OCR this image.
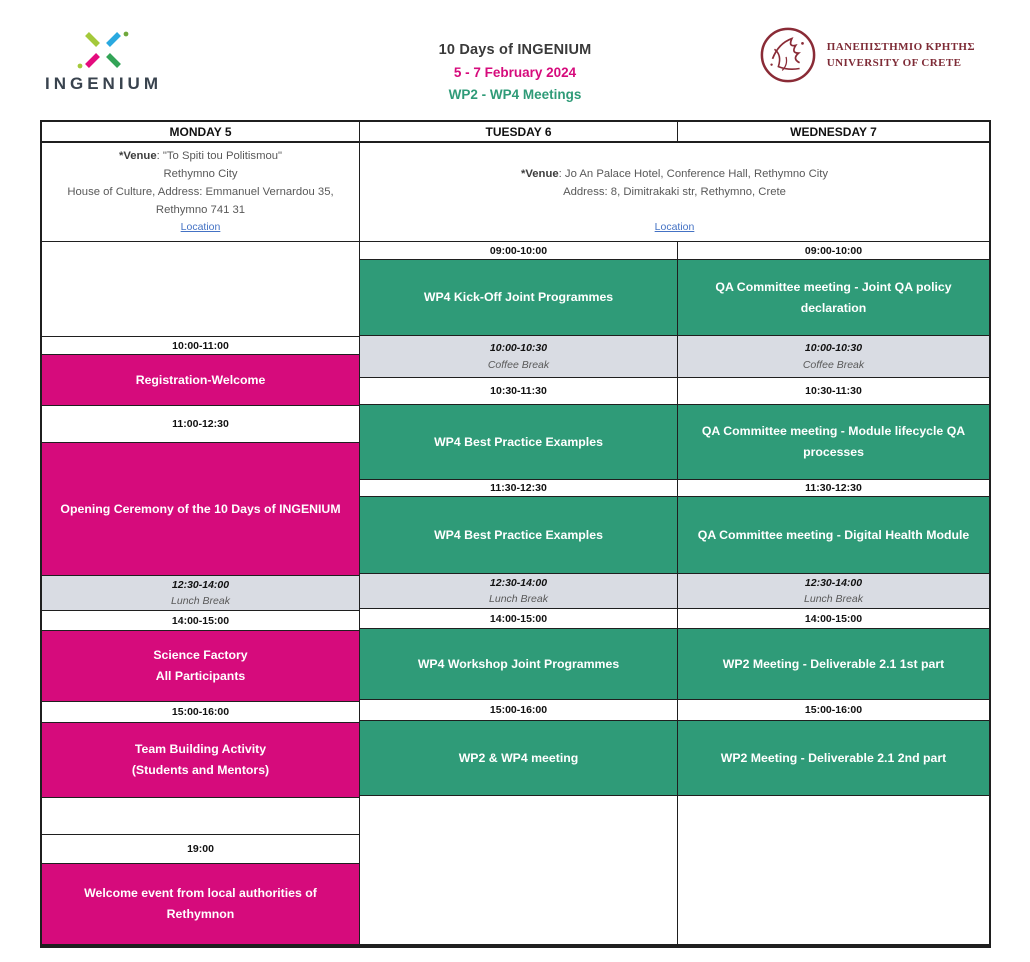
INGENIUM
10 Days of INGENIUM
5 - 7 February 2024
WP2 - WP4 Meetings
ΠΑΝΕΠΙΣΤΗΜΙΟ ΚΡΗΤΗΣ
UNIVERSITY OF CRETE
MONDAY 5	TUESDAY 6	WEDNESDAY 7
*Venue: "To Spiti tou Politismou"
Rethymno City
House of Culture, Address: Emmanuel Vernardou 35,
Rethymno 741 31
Location
*Venue: Jo An Palace Hotel, Conference Hall, Rethymno City
Address: 8, Dimitrakaki str, Rethymno, Crete
Location
10:00-11:00
Registration-Welcome
11:00-12:30
Opening Ceremony of the 10 Days of INGENIUM
12:30-14:00
Lunch Break
14:00-15:00
Science Factory
All Participants
15:00-16:00
Team Building Activity
(Students and Mentors)
19:00
Welcome event from local authorities of Rethymnon
09:00-10:00
WP4 Kick-Off Joint Programmes
10:00-10:30
Coffee Break
10:30-11:30
WP4 Best Practice Examples
11:30-12:30
WP4 Best Practice Examples
12:30-14:00
Lunch Break
14:00-15:00
WP4 Workshop Joint Programmes
15:00-16:00
WP2 & WP4 meeting
09:00-10:00
QA Committee meeting - Joint QA policy declaration
10:00-10:30
Coffee Break
10:30-11:30
QA Committee meeting - Module lifecycle QA processes
11:30-12:30
QA Committee meeting - Digital Health Module
12:30-14:00
Lunch Break
14:00-15:00
WP2 Meeting - Deliverable 2.1 1st part
15:00-16:00
WP2 Meeting - Deliverable 2.1 2nd part
